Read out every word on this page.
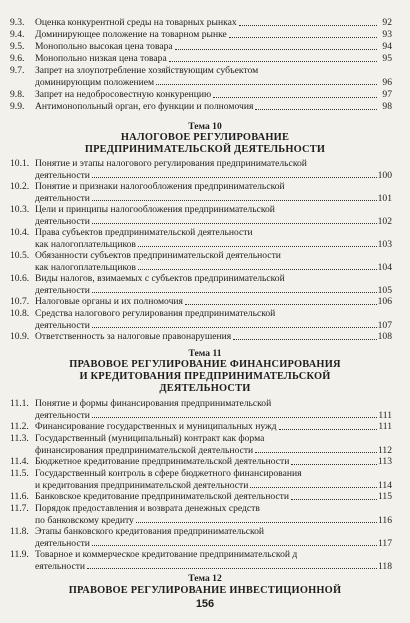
9.3.	Оценка конкурентной среды на товарных рынках	92
9.4.	Доминирующее положение на товарном рынке	93
9.5.	Монопольно высокая цена товара	94
9.6.	Монопольно низкая цена товара	95
9.7.	Запрет на злоупотребление хозяйствующим субъектом
доминирующим положением	96
9.8.	Запрет на недобросовестную конкуренцию	97
9.9.	Антимонопольный орган, его функции и полномочия	98
Тема 10
НАЛОГОВОЕ РЕГУЛИРОВАНИЕ
ПРЕДПРИНИМАТЕЛЬСКОЙ ДЕЯТЕЛЬНОСТИ
10.1. Понятие и этапы налогового регулирования предпринимательской
деятельности	100
10.2. Понятие и признаки налогообложения предпринимательской
деятельности	101
10.3. Цели и принципы налогообложения предпринимательской
деятельности	102
10.4. Права субъектов предпринимательской деятельности
как налогоплательщиков	103
10.5. Обязанности субъектов предпринимательской деятельности
как налогоплательщиков	104
10.6. Виды налогов, взимаемых с субъектов предпринимательской
деятельности	105
10.7. Налоговые органы и их полномочия	106
10.8. Средства налогового регулирования предпринимательской
деятельности	107
10.9. Ответственность за налоговые правонарушения	108
Тема 11
ПРАВОВОЕ РЕГУЛИРОВАНИЕ ФИНАНСИРОВАНИЯ
И КРЕДИТОВАНИЯ ПРЕДПРИНИМАТЕЛЬСКОЙ
ДЕЯТЕЛЬНОСТИ
11.1. Понятие и формы финансирования предпринимательской
деятельности	111
11.2. Финансирование государственных и муниципальных нужд	111
11.3. Государственный (муниципальный) контракт как форма
финансирования предпринимательской деятельности	112
11.4. Бюджетное кредитование предпринимательской деятельности	113
11.5. Государственный контроль в сфере бюджетного финансирования
и кредитования предпринимательской деятельности	114
11.6. Банковское кредитование предпринимательской деятельности	115
11.7. Порядок предоставления и возврата денежных средств
по банковскому кредиту	116
11.8. Этапы банковского кредитования предпринимательской
деятельности	117
11.9. Товарное и коммерческое кредитование предпринимательской д
еятельности	118
Тема 12
ПРАВОВОЕ РЕГУЛИРОВАНИЕ ИНВЕСТИЦИОННОЙ
156
